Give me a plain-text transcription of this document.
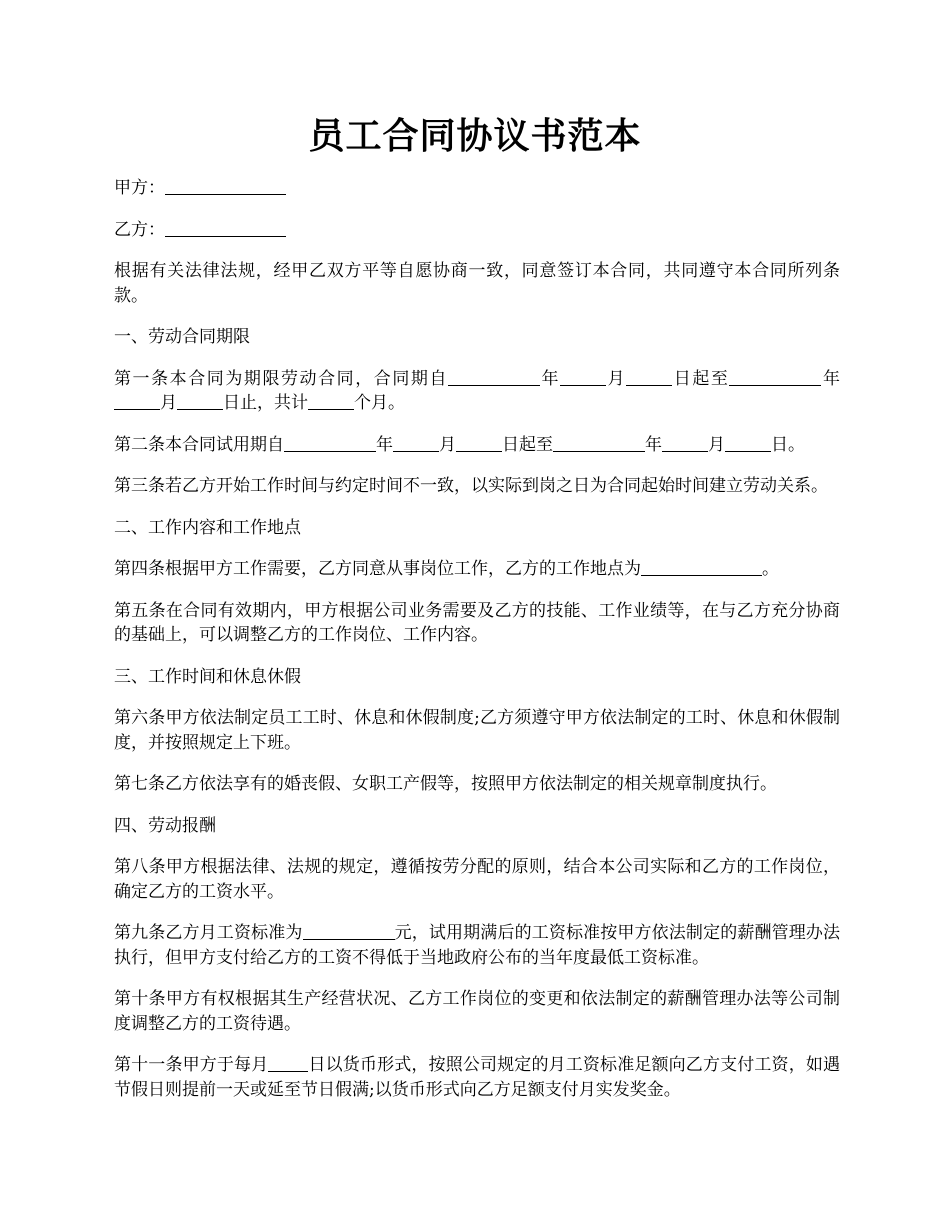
员工合同协议书范本

甲方：

乙方：

根据有关法律法规，经甲乙双方平等自愿协商一致，同意签订本合同，共同遵守本合同所列条款。

一、劳动合同期限

第一条本合同为期限劳动合同，合同期自	年	月	日起至	年月	日止，共计	个月。

第二条本合同试用期自	年	月	日起至	年	月	日。

第三条若乙方开始工作时间与约定时间不一致，以实际到岗之日为合同起始时间建立劳动关系。

二、工作内容和工作地点

第四条根据甲方工作需要，乙方同意从事岗位工作，乙方的工作地点为	。

第五条在合同有效期内，甲方根据公司业务需要及乙方的技能、工作业绩等，在与乙方充分协商的基础上，可以调整乙方的工作岗位、工作内容。

三、工作时间和休息休假

第六条甲方依法制定员工工时、休息和休假制度;乙方须遵守甲方依法制定的工时、休息和休假制度，并按照规定上下班。

第七条乙方依法享有的婚丧假、女职工产假等，按照甲方依法制定的相关规章制度执行。

四、劳动报酬

第八条甲方根据法律、法规的规定，遵循按劳分配的原则，结合本公司实际和乙方的工作岗位，确定乙方的工资水平。

第九条乙方月工资标准为	元，试用期满后的工资标准按甲方依法制定的薪酬管理办法执行，但甲方支付给乙方的工资不得低于当地政府公布的当年度最低工资标准。

第十条甲方有权根据其生产经营状况、乙方工作岗位的变更和依法制定的薪酬管理办法等公司制度调整乙方的工资待遇。

第十一条甲方于每月 日以货币形式，按照公司规定的月工资标准足额向乙方支付工资，如遇节假日则提前一天或延至节日假满;以货币形式向乙方足额支付月实发奖金。
